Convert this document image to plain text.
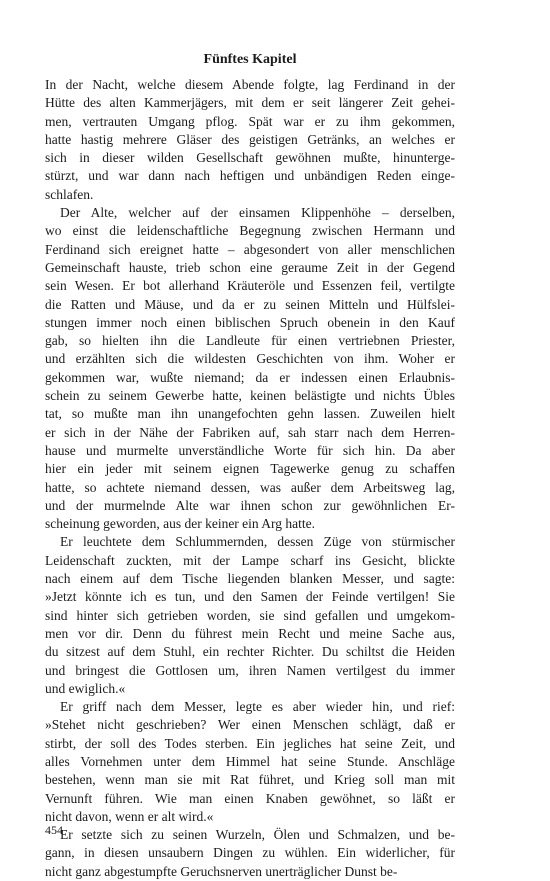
Fünftes Kapitel
In der Nacht, welche diesem Abende folgte, lag Ferdinand in der
Hütte des alten Kammerjägers, mit dem er seit längerer Zeit gehei-
men, vertrauten Umgang pflog. Spät war er zu ihm gekommen,
hatte hastig mehrere Gläser des geistigen Getränks, an welches er
sich in dieser wilden Gesellschaft gewöhnen mußte, hinunterge-
stürzt, und war dann nach heftigen und unbändigen Reden einge-
schlafen.
Der Alte, welcher auf der einsamen Klippenhöhe – derselben,
wo einst die leidenschaftliche Begegnung zwischen Hermann und
Ferdinand sich ereignet hatte – abgesondert von aller menschlichen
Gemeinschaft hauste, trieb schon eine geraume Zeit in der Gegend
sein Wesen. Er bot allerhand Kräuteröle und Essenzen feil, vertilgte
die Ratten und Mäuse, und da er zu seinen Mitteln und Hülfslei-
stungen immer noch einen biblischen Spruch obenein in den Kauf
gab, so hielten ihn die Landleute für einen vertriebnen Priester,
und erzählten sich die wildesten Geschichten von ihm. Woher er
gekommen war, wußte niemand; da er indessen einen Erlaubnis-
schein zu seinem Gewerbe hatte, keinen belästigte und nichts Übles
tat, so mußte man ihn unangefochten gehn lassen. Zuweilen hielt
er sich in der Nähe der Fabriken auf, sah starr nach dem Herren-
hause und murmelte unverständliche Worte für sich hin. Da aber
hier ein jeder mit seinem eignen Tagewerke genug zu schaffen
hatte, so achtete niemand dessen, was außer dem Arbeitsweg lag,
und der murmelnde Alte war ihnen schon zur gewöhnlichen Er-
scheinung geworden, aus der keiner ein Arg hatte.
Er leuchtete dem Schlummernden, dessen Züge von stürmischer
Leidenschaft zuckten, mit der Lampe scharf ins Gesicht, blickte
nach einem auf dem Tische liegenden blanken Messer, und sagte:
»Jetzt könnte ich es tun, und den Samen der Feinde vertilgen! Sie
sind hinter sich getrieben worden, sie sind gefallen und umgekom-
men vor dir. Denn du führest mein Recht und meine Sache aus,
du sitzest auf dem Stuhl, ein rechter Richter. Du schiltst die Heiden
und bringest die Gottlosen um, ihren Namen vertilgest du immer
und ewiglich.«
Er griff nach dem Messer, legte es aber wieder hin, und rief:
»Stehet nicht geschrieben? Wer einen Menschen schlägt, daß er
stirbt, der soll des Todes sterben. Ein jegliches hat seine Zeit, und
alles Vornehmen unter dem Himmel hat seine Stunde. Anschläge
bestehen, wenn man sie mit Rat führet, und Krieg soll man mit
Vernunft führen. Wie man einen Knaben gewöhnet, so läßt er
nicht davon, wenn er alt wird.«
Er setzte sich zu seinen Wurzeln, Ölen und Schmalzen, und be-
gann, in diesen unsaubern Dingen zu wühlen. Ein widerlicher, für
nicht ganz abgestumpfte Geruchsnerven unerträglicher Dunst be-
454
